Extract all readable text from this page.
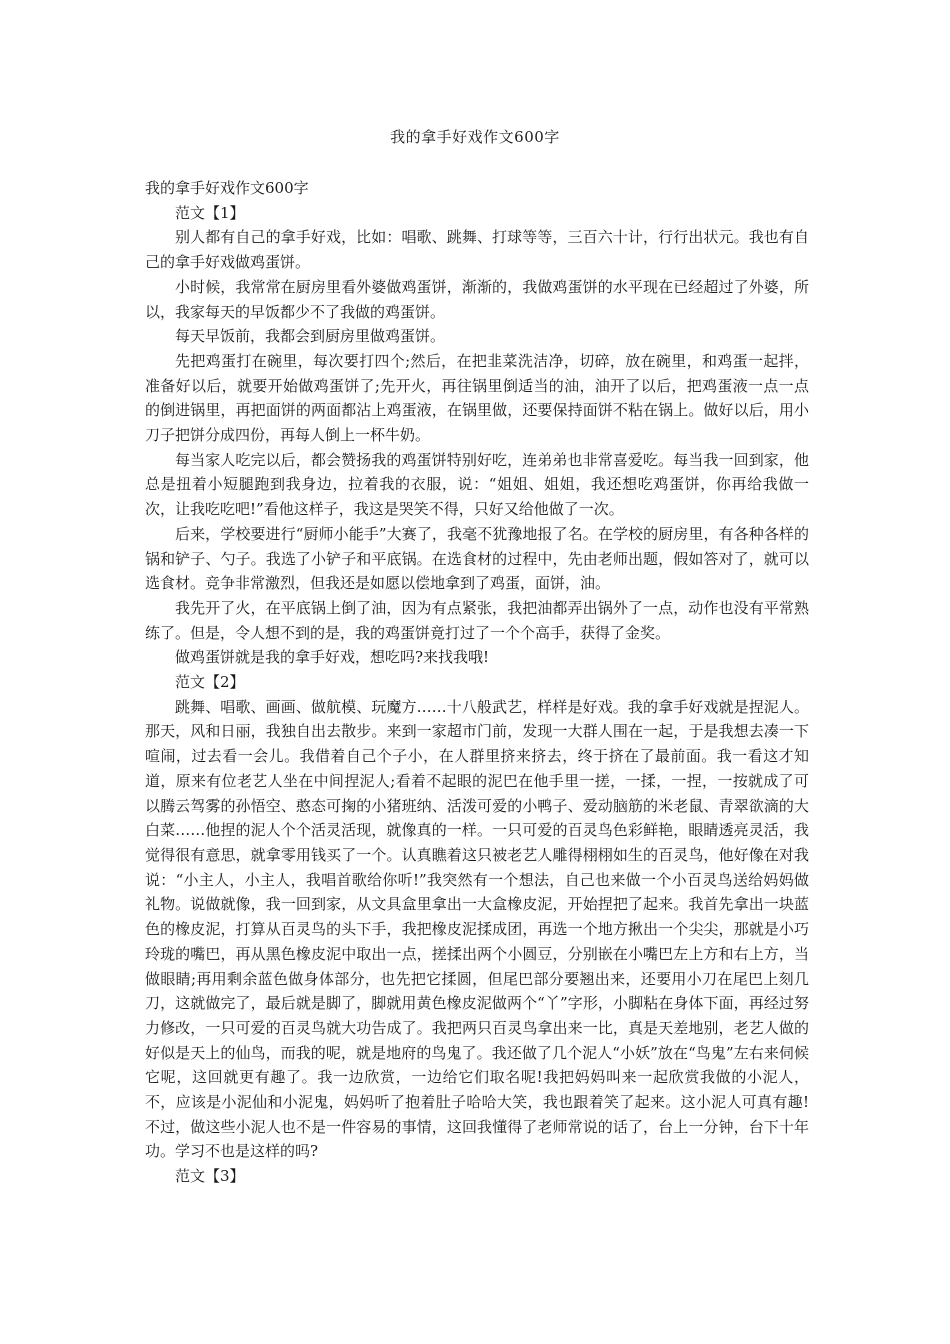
我的拿手好戏作文600字

我的拿手好戏作文600字

范文【1】

别人都有自己的拿手好戏，比如：唱歌、跳舞、打球等等，三百六十计，行行出状元。我也有自己的拿手好戏做鸡蛋饼。

小时候，我常常在厨房里看外婆做鸡蛋饼，渐渐的，我做鸡蛋饼的水平现在已经超过了外婆，所以，我家每天的早饭都少不了我做的鸡蛋饼。

每天早饭前，我都会到厨房里做鸡蛋饼。

先把鸡蛋打在碗里，每次要打四个;然后，在把韭菜洗洁净，切碎，放在碗里，和鸡蛋一起拌，准备好以后，就要开始做鸡蛋饼了;先开火，再往锅里倒适当的油，油开了以后，把鸡蛋液一点一点的倒进锅里，再把面饼的两面都沾上鸡蛋液，在锅里做，还要保持面饼不粘在锅上。做好以后，用小刀子把饼分成四份，再每人倒上一杯牛奶。

每当家人吃完以后，都会赞扬我的鸡蛋饼特别好吃，连弟弟也非常喜爱吃。每当我一回到家，他总是扭着小短腿跑到我身边，拉着我的衣服，说：“姐姐、姐姐，我还想吃鸡蛋饼，你再给我做一次，让我吃吃吧!”看他这样子，我这是哭笑不得，只好又给他做了一次。

后来，学校要进行“厨师小能手”大赛了，我毫不犹豫地报了名。在学校的厨房里，有各种各样的锅和铲子、勺子。我选了小铲子和平底锅。在选食材的过程中，先由老师出题，假如答对了，就可以选食材。竞争非常激烈，但我还是如愿以偿地拿到了鸡蛋，面饼，油。

我先开了火，在平底锅上倒了油，因为有点紧张，我把油都弄出锅外了一点，动作也没有平常熟练了。但是，令人想不到的是，我的鸡蛋饼竟打过了一个个高手，获得了金奖。

做鸡蛋饼就是我的拿手好戏，想吃吗?来找我哦!

范文【2】

跳舞、唱歌、画画、做航模、玩魔方……十八般武艺，样样是好戏。我的拿手好戏就是捏泥人。那天，风和日丽，我独自出去散步。来到一家超市门前，发现一大群人围在一起，于是我想去凑一下喧闹，过去看一会儿。我借着自己个子小，在人群里挤来挤去，终于挤在了最前面。我一看这才知道，原来有位老艺人坐在中间捏泥人;看着不起眼的泥巴在他手里一搓，一揉，一捏，一按就成了可以腾云驾雾的孙悟空、憨态可掬的小猪班纳、活泼可爱的小鸭子、爱动脑筋的米老鼠、青翠欲滴的大白菜……他捏的泥人个个活灵活现，就像真的一样。一只可爱的百灵鸟色彩鲜艳，眼睛透亮灵活，我觉得很有意思，就拿零用钱买了一个。认真瞧着这只被老艺人雕得栩栩如生的百灵鸟，他好像在对我说：“小主人，小主人，我唱首歌给你听!”我突然有一个想法，自己也来做一个小百灵鸟送给妈妈做礼物。说做就像，我一回到家，从文具盒里拿出一大盒橡皮泥，开始捏把了起来。我首先拿出一块蓝色的橡皮泥，打算从百灵鸟的头下手，我把橡皮泥揉成团，再选一个地方揪出一个尖尖，那就是小巧玲珑的嘴巴，再从黑色橡皮泥中取出一点，搓揉出两个小圆豆，分别嵌在小嘴巴左上方和右上方，当做眼睛;再用剩余蓝色做身体部分，也先把它揉圆，但尾巴部分要翘出来，还要用小刀在尾巴上刻几刀，这就做完了，最后就是脚了，脚就用黄色橡皮泥做两个“丫”字形，小脚粘在身体下面，再经过努力修改，一只可爱的百灵鸟就大功告成了。我把两只百灵鸟拿出来一比，真是天差地别，老艺人做的好似是天上的仙鸟，而我的呢，就是地府的鸟鬼了。我还做了几个泥人“小妖”放在“鸟鬼”左右来伺候它呢，这回就更有趣了。我一边欣赏，一边给它们取名呢!我把妈妈叫来一起欣赏我做的小泥人，不，应该是小泥仙和小泥鬼，妈妈听了抱着肚子哈哈大笑，我也跟着笑了起来。这小泥人可真有趣!不过，做这些小泥人也不是一件容易的事情，这回我懂得了老师常说的话了，台上一分钟，台下十年功。学习不也是这样的吗?

范文【3】
